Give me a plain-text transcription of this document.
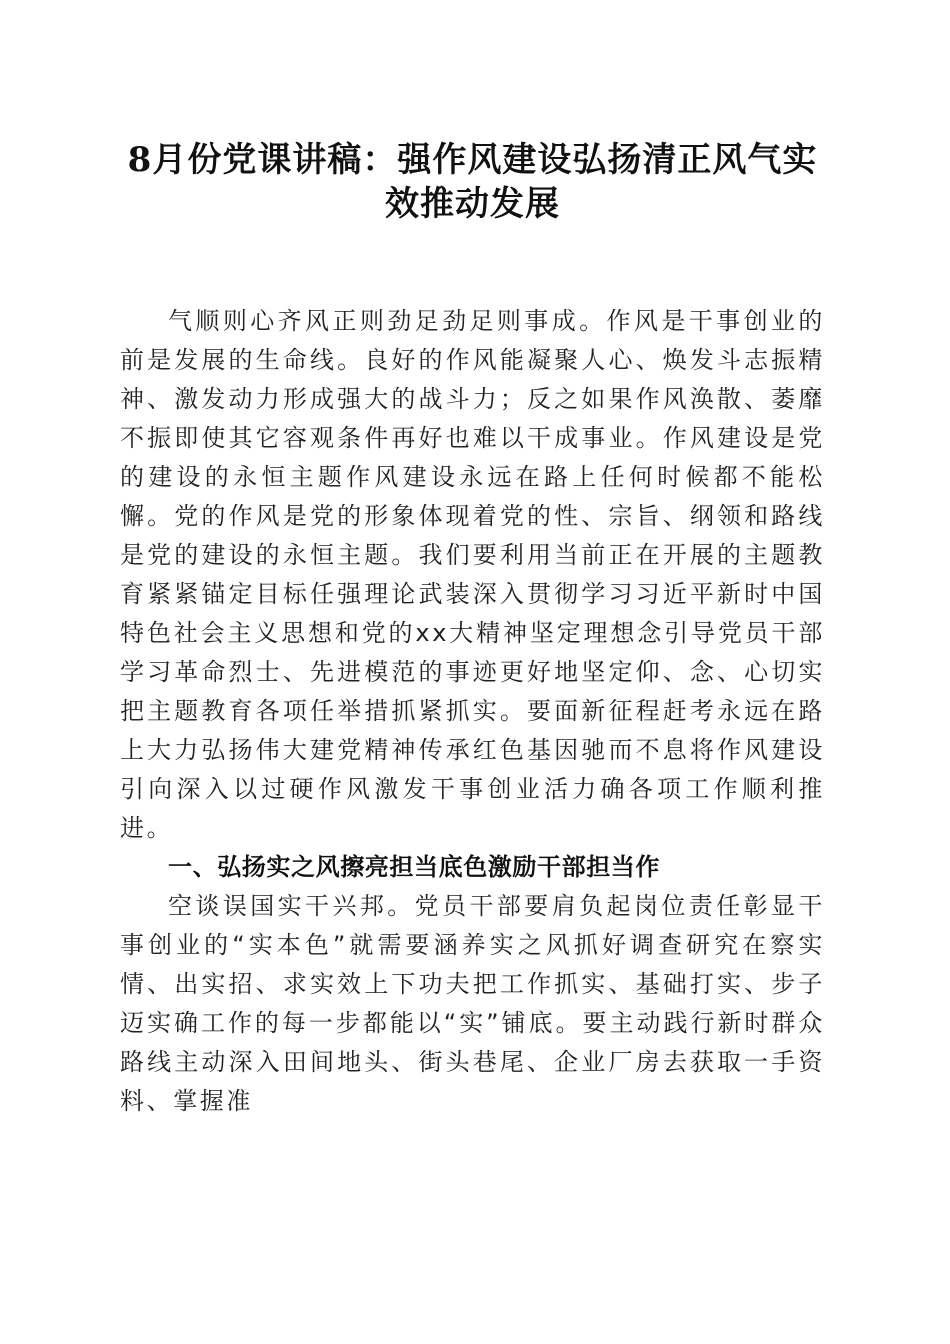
8月份党课讲稿：强作风建设弘扬清正风气实效推动发展

气顺则心齐风正则劲足劲足则事成。作风是干事创业的前是发展的生命线。良好的作风能凝聚人心、焕发斗志振精神、激发动力形成强大的战斗力；反之如果作风涣散、萎靡不振即使其它容观条件再好也难以干成事业。作风建设是党的建设的永恒主题作风建设永远在路上任何时候都不能松懈。党的作风是党的形象体现着党的性、宗旨、纲领和路线是党的建设的永恒主题。我们要利用当前正在开展的主题教育紧紧锚定目标任强理论武装深入贯彻学习习近平新时中国特色社会主义思想和党的xx大精神坚定理想念引导党员干部学习革命烈士、先进模范的事迹更好地坚定仰、念、心切实把主题教育各项任举措抓紧抓实。要面新征程赶考永远在路上大力弘扬伟大建党精神传承红色基因驰而不息将作风建设引向深入以过硬作风激发干事创业活力确各项工作顺利推进。

一、弘扬实之风擦亮担当底色激励干部担当作

空谈误国实干兴邦。党员干部要肩负起岗位责任彰显干事创业的“实本色”就需要涵养实之风抓好调查研究在察实情、出实招、求实效上下功夫把工作抓实、基础打实、步子迈实确工作的每一步都能以“实”铺底。要主动践行新时群众路线主动深入田间地头、街头巷尾、企业厂房去获取一手资料、掌握准
